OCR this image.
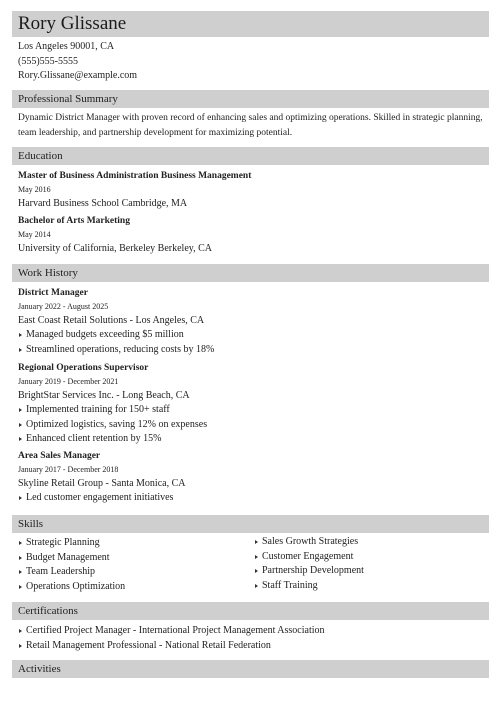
Rory Glissane
Los Angeles 90001, CA
(555)555-5555
Rory.Glissane@example.com
Professional Summary
Dynamic District Manager with proven record of enhancing sales and optimizing operations. Skilled in strategic planning, team leadership, and partnership development for maximizing potential.
Education
Master of Business Administration Business Management
May 2016
Harvard Business School Cambridge, MA
Bachelor of Arts Marketing
May 2014
University of California, Berkeley Berkeley, CA
Work History
District Manager
January 2022 - August 2025
East Coast Retail Solutions - Los Angeles, CA
Managed budgets exceeding $5 million
Streamlined operations, reducing costs by 18%
Regional Operations Supervisor
January 2019 - December 2021
BrightStar Services Inc. - Long Beach, CA
Implemented training for 150+ staff
Optimized logistics, saving 12% on expenses
Enhanced client retention by 15%
Area Sales Manager
January 2017 - December 2018
Skyline Retail Group - Santa Monica, CA
Led customer engagement initiatives
Skills
Strategic Planning
Budget Management
Team Leadership
Operations Optimization
Sales Growth Strategies
Customer Engagement
Partnership Development
Staff Training
Certifications
Certified Project Manager - International Project Management Association
Retail Management Professional - National Retail Federation
Activities
